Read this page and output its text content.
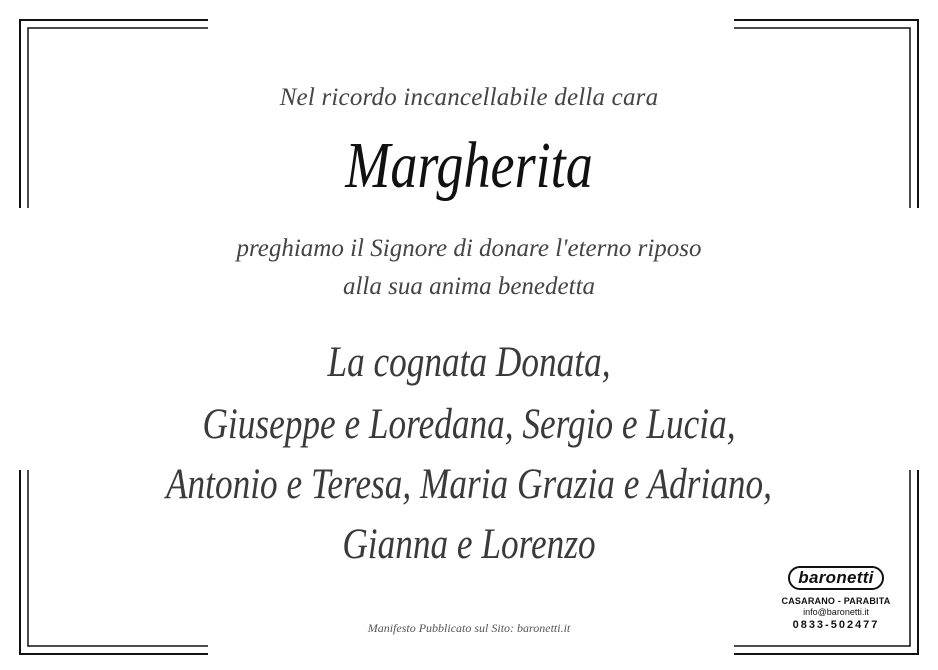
Nel ricordo incancellabile della cara
Margherita
preghiamo il Signore di donare l'eterno riposo
alla sua anima benedetta
La cognata Donata,
Giuseppe e Loredana, Sergio e Lucia,
Antonio e Teresa, Maria Grazia e Adriano,
Gianna e Lorenzo
Manifesto Pubblicato sul Sito: baronetti.it
baronetti
CASARANO - PARABITA
info@baronetti.it
0833-502477
